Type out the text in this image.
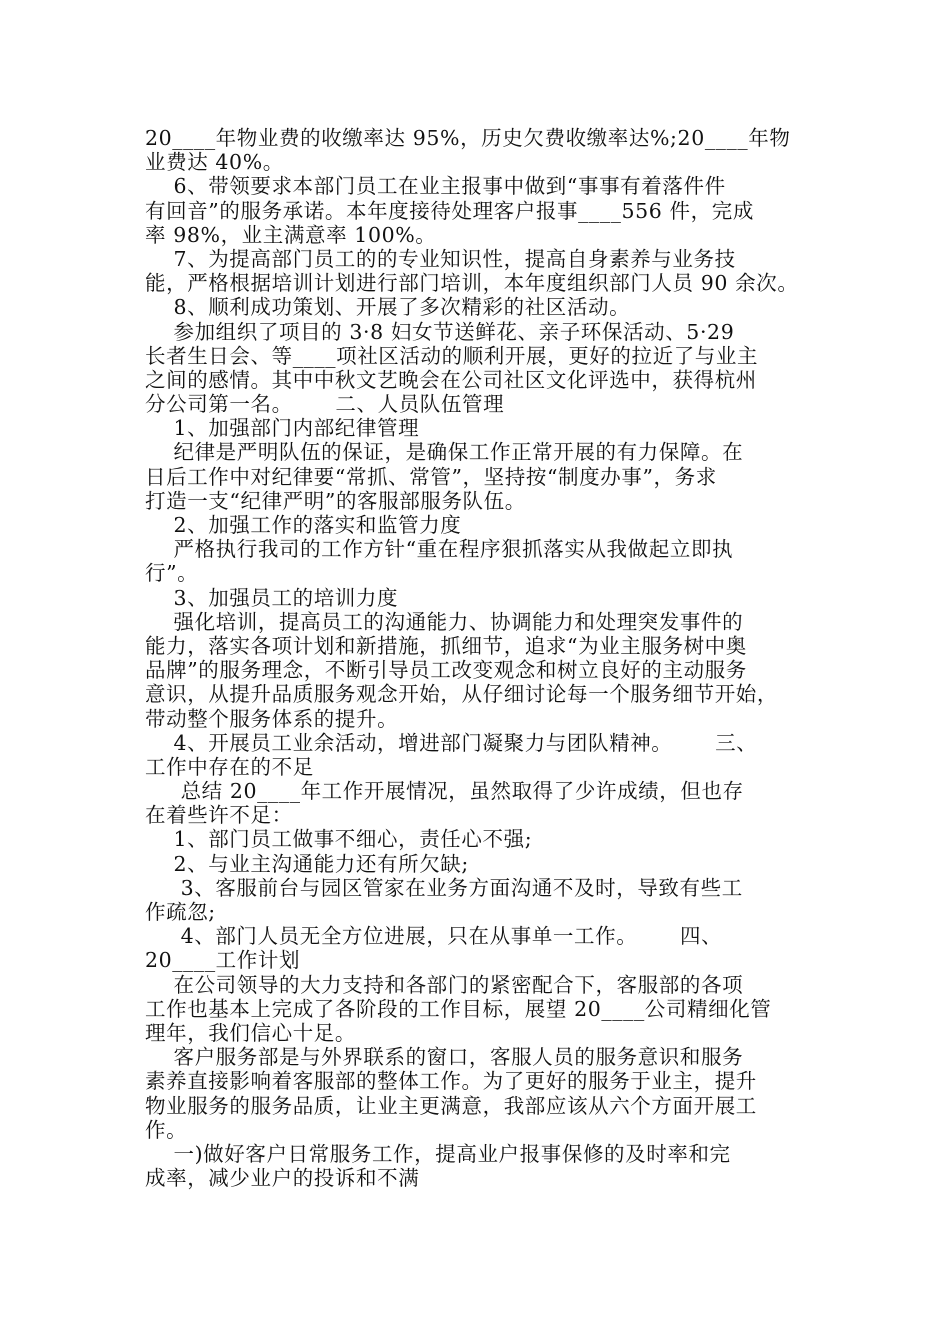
20____年物业费的收缴率达 95%，历史欠费收缴率达%;20____年物
业费达 40%。
6、带领要求本部门员工在业主报事中做到“事事有着落件件
有回音”的服务承诺。本年度接待处理客户报事____556 件，完成
率 98%，业主满意率 100%。
7、为提高部门员工的的专业知识性，提高自身素养与业务技
能，严格根据培训计划进行部门培训，本年度组织部门人员 90 余次。
8、顺利成功策划、开展了多次精彩的社区活动。
参加组织了项目的 3·8 妇女节送鲜花、亲子环保活动、5·29
长者生日会、等____项社区活动的顺利开展，更好的拉近了与业主
之间的感情。其中中秋文艺晚会在公司社区文化评选中，获得杭州
分公司第一名。      二、人员队伍管理
1、加强部门内部纪律管理
纪律是严明队伍的保证，是确保工作正常开展的有力保障。在
日后工作中对纪律要“常抓、常管”，坚持按“制度办事”，务求
打造一支“纪律严明”的客服部服务队伍。
2、加强工作的落实和监管力度
严格执行我司的工作方针“重在程序狠抓落实从我做起立即执
行”。
3、加强员工的培训力度
强化培训，提高员工的沟通能力、协调能力和处理突发事件的
能力，落实各项计划和新措施，抓细节，追求“为业主服务树中奥
品牌”的服务理念，不断引导员工改变观念和树立良好的主动服务
意识，从提升品质服务观念开始，从仔细讨论每一个服务细节开始，
带动整个服务体系的提升。
4、开展员工业余活动，增进部门凝聚力与团队精神。      三、
工作中存在的不足
总结 20____年工作开展情况，虽然取得了少许成绩，但也存
在着些许不足：
1、部门员工做事不细心，责任心不强;
2、与业主沟通能力还有所欠缺;
3、客服前台与园区管家在业务方面沟通不及时，导致有些工
作疏忽;
4、部门人员无全方位进展，只在从事单一工作。      四、
20____工作计划
在公司领导的大力支持和各部门的紧密配合下，客服部的各项
工作也基本上完成了各阶段的工作目标，展望 20____公司精细化管
理年，我们信心十足。
客户服务部是与外界联系的窗口，客服人员的服务意识和服务
素养直接影响着客服部的整体工作。为了更好的服务于业主，提升
物业服务的服务品质，让业主更满意，我部应该从六个方面开展工
作。
一)做好客户日常服务工作，提高业户报事保修的及时率和完
成率，减少业户的投诉和不满
